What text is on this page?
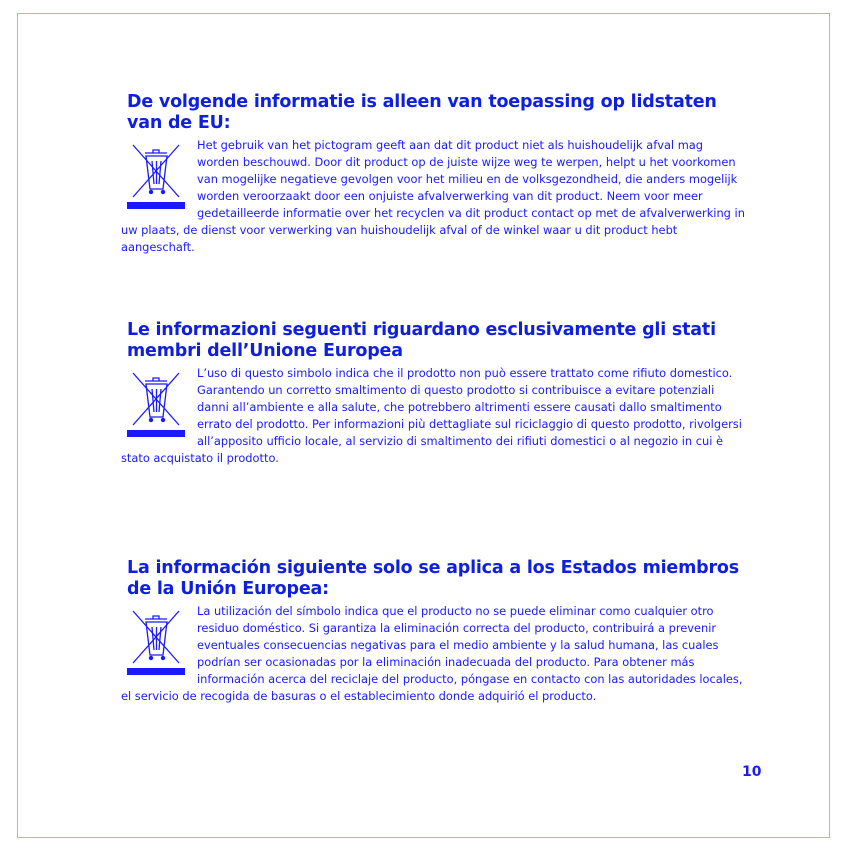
De volgende informatie is alleen van toepassing op lidstaten van de EU:

Het gebruik van het pictogram geeft aan dat dit product niet als huishoudelijk afval mag worden beschouwd. Door dit product op de juiste wijze weg te werpen, helpt u het voorkomen van mogelijke negatieve gevolgen voor het milieu en de volksgezondheid, die anders mogelijk worden veroorzaakt door een onjuiste afvalverwerking van dit product. Neem voor meer gedetailleerde informatie over het recyclen va dit product contact op met de afvalverwerking in uw plaats, de dienst voor verwerking van huishoudelijk afval of de winkel waar u dit product hebt aangeschaft.

Le informazioni seguenti riguardano esclusivamente gli stati membri dell’Unione Europea

L’uso di questo simbolo indica che il prodotto non può essere trattato come rifiuto domestico. Garantendo un corretto smaltimento di questo prodotto si contribuisce a evitare potenziali danni all’ambiente e alla salute, che potrebbero altrimenti essere causati dallo smaltimento errato del prodotto. Per informazioni più dettagliate sul riciclaggio di questo prodotto, rivolgersi all’apposito ufficio locale, al servizio di smaltimento dei rifiuti domestici o al negozio in cui è stato acquistato il prodotto.

La información siguiente solo se aplica a los Estados miembros de la Unión Europea:

La utilización del símbolo indica que el producto no se puede eliminar como cualquier otro residuo doméstico. Si garantiza la eliminación correcta del producto, contribuirá a prevenir eventuales consecuencias negativas para el medio ambiente y la salud humana, las cuales podrían ser ocasionadas por la eliminación inadecuada del producto. Para obtener más información acerca del reciclaje del producto, póngase en contacto con las autoridades locales, el servicio de recogida de basuras o el establecimiento donde adquirió el producto.

10
